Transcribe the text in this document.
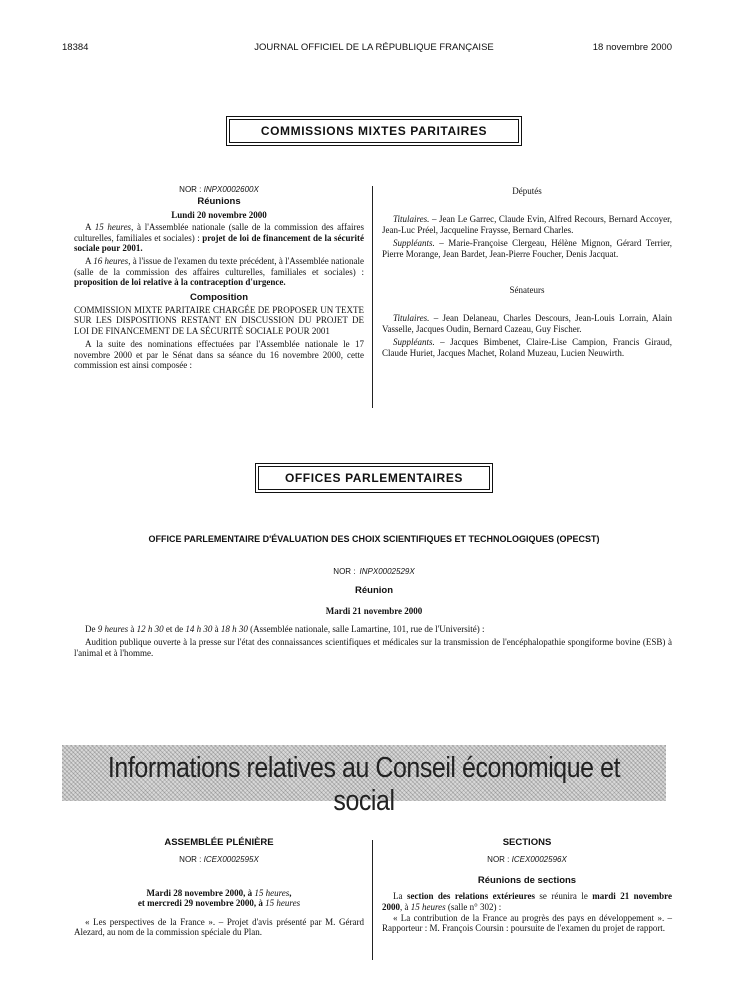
18384	JOURNAL OFFICIEL DE LA RÉPUBLIQUE FRANÇAISE	18 novembre 2000
COMMISSIONS MIXTES PARITAIRES
NOR : INPX0002600X
Réunions
Lundi 20 novembre 2000

A 15 heures, à l'Assemblée nationale (salle de la commission des affaires culturelles, familiales et sociales) : projet de loi de financement de la sécurité sociale pour 2001.

A 16 heures, à l'issue de l'examen du texte précédent, à l'Assemblée nationale (salle de la commission des affaires culturelles, familiales et sociales) : proposition de loi relative à la contraception d'urgence.

Composition

COMMISSION MIXTE PARITAIRE CHARGÉE DE PROPOSER UN TEXTE SUR LES DISPOSITIONS RESTANT EN DISCUSSION DU PROJET DE LOI DE FINANCEMENT DE LA SÉCURITÉ SOCIALE POUR 2001

A la suite des nominations effectuées par l'Assemblée nationale le 17 novembre 2000 et par le Sénat dans sa séance du 16 novembre 2000, cette commission est ainsi composée :

Députés

Titulaires. – Jean Le Garrec, Claude Evin, Alfred Recours, Bernard Accoyer, Jean-Luc Préel, Jacqueline Fraysse, Bernard Charles.

Suppléants. – Marie-Françoise Clergeau, Hélène Mignon, Gérard Terrier, Pierre Morange, Jean Bardet, Jean-Pierre Foucher, Denis Jacquat.

Sénateurs

Titulaires. – Jean Delaneau, Charles Descours, Jean-Louis Lorrain, Alain Vasselle, Jacques Oudin, Bernard Cazeau, Guy Fischer.

Suppléants. – Jacques Bimbenet, Claire-Lise Campion, Francis Giraud, Claude Huriet, Jacques Machet, Roland Muzeau, Lucien Neuwirth.

OFFICES PARLEMENTAIRES
OFFICE PARLEMENTAIRE D'ÉVALUATION DES CHOIX SCIENTIFIQUES ET TECHNOLOGIQUES (OPECST)
NOR : INPX0002529X
Réunion
Mardi 21 novembre 2000

De 9 heures à 12 h 30 et de 14 h 30 à 18 h 30 (Assemblée nationale, salle Lamartine, 101, rue de l'Université) :

Audition publique ouverte à la presse sur l'état des connaissances scientifiques et médicales sur la transmission de l'encéphalopathie spongiforme bovine (ESB) à l'animal et à l'homme.

Informations relatives au Conseil économique et social
ASSEMBLÉE PLÉNIÈRE
NOR : ICEX0002595X
Mardi 28 novembre 2000, à 15 heures,
et mercredi 29 novembre 2000, à 15 heures

« Les perspectives de la France ». – Projet d'avis présenté par M. Gérard Alezard, au nom de la commission spéciale du Plan.

SECTIONS
NOR : ICEX0002596X
Réunions de sections

La section des relations extérieures se réunira le mardi 21 novembre 2000, à 15 heures (salle n° 302) :

« La contribution de la France au progrès des pays en développement ». – Rapporteur : M. François Coursin : poursuite de l'examen du projet de rapport.
